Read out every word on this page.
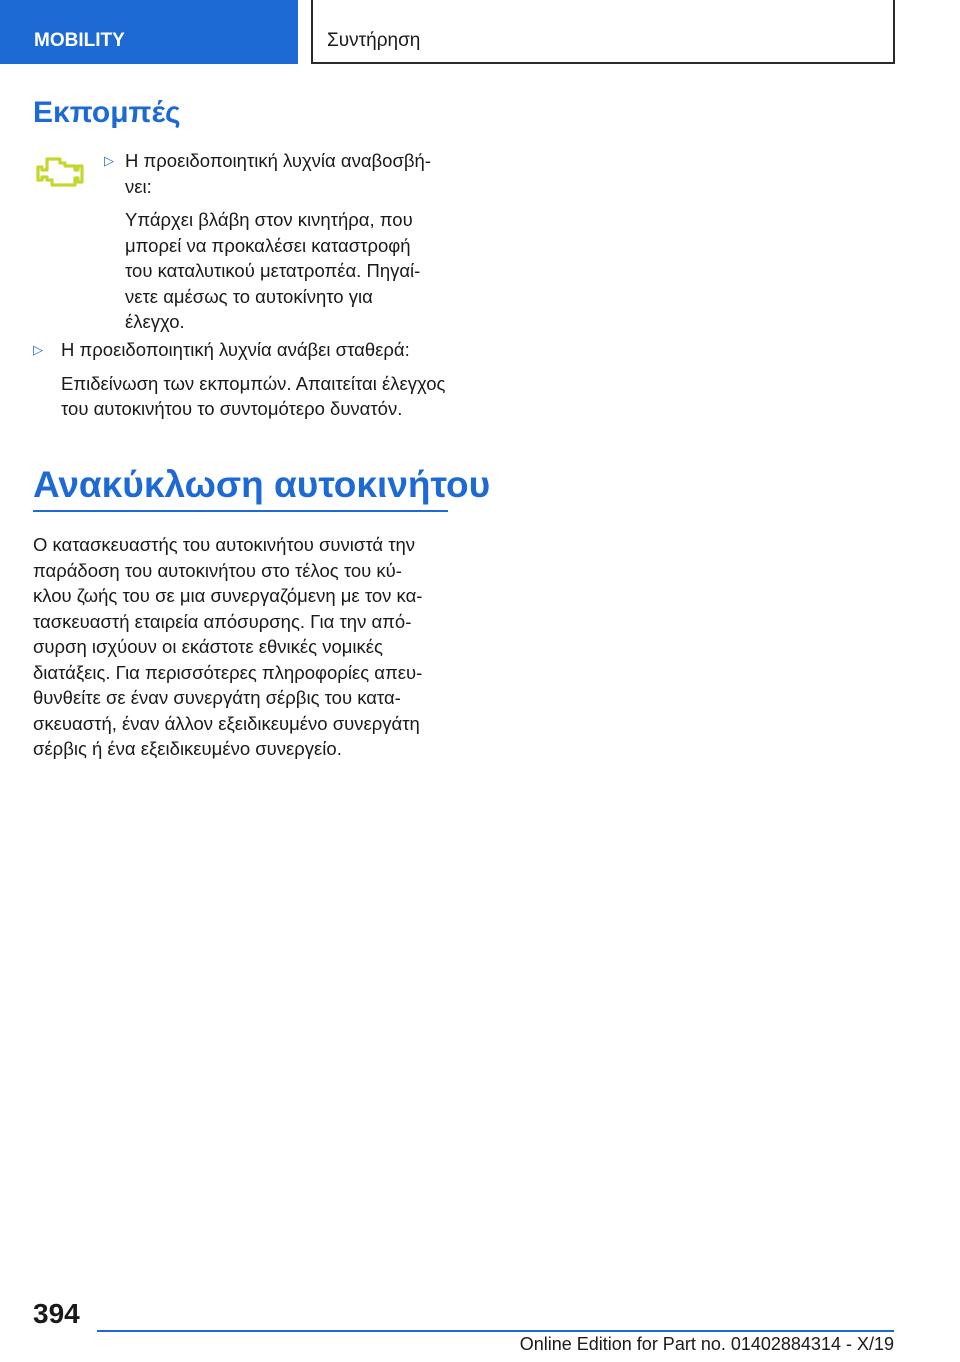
MOBILITY	Συντήρηση
Εκπομπές
▷ Η προειδοποιητική λυχνία αναβοσβή-
νει:
Υπάρχει βλάβη στον κινητήρα, που
μπορεί να προκαλέσει καταστροφή
του καταλυτικού μετατροπέα. Πηγαί-
νετε αμέσως το αυτοκίνητο για
έλεγχο.
▷ Η προειδοποιητική λυχνία ανάβει σταθερά:
Επιδείνωση των εκπομπών. Απαιτείται έλεγχος
του αυτοκινήτου το συντομότερο δυνατόν.
Ανακύκλωση αυτοκινήτου

Ο κατασκευαστής του αυτοκινήτου συνιστά την
παράδοση του αυτοκινήτου στο τέλος του κύ-
κλου ζωής του σε μια συνεργαζόμενη με τον κα-
τασκευαστή εταιρεία απόσυρσης. Για την από-
συρση ισχύουν οι εκάστοτε εθνικές νομικές
διατάξεις. Για περισσότερες πληροφορίες απευ-
θυνθείτε σε έναν συνεργάτη σέρβις του κατα-
σκευαστή, έναν άλλον εξειδικευμένο συνεργάτη
σέρβις ή ένα εξειδικευμένο συνεργείο.

394
Online Edition for Part no. 01402884314 - X/19
